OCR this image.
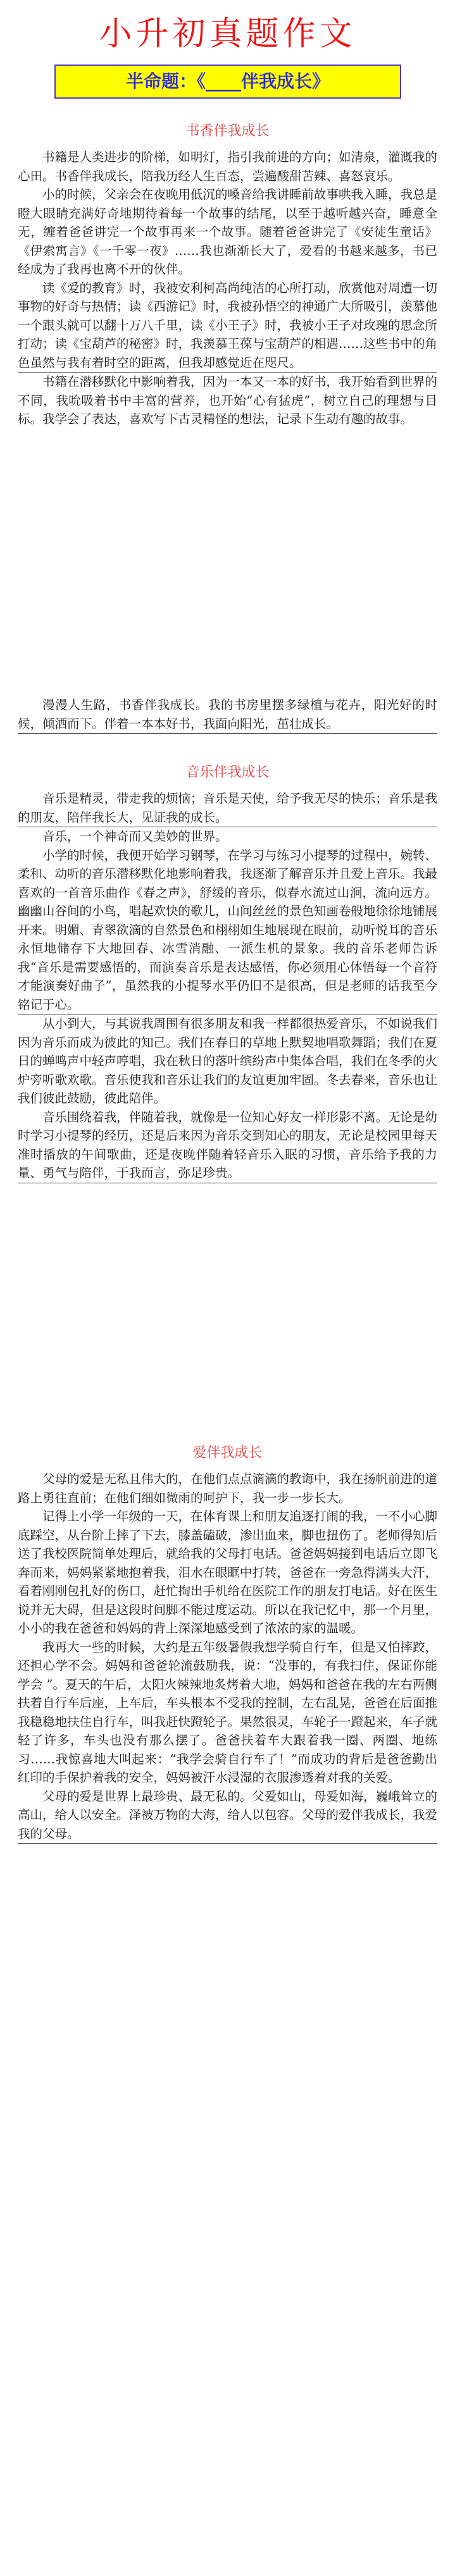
小升初真题作文
半命题：《____伴我成长》
书香伴我成长

书籍是人类进步的阶梯，如明灯，指引我前进的方向；如清泉，灌溉我的心田。书香伴我成长，陪我历经人生百态，尝遍酸甜苦辣、喜怒哀乐。

小的时候，父亲会在夜晚用低沉的嗓音给我讲睡前故事哄我入睡，我总是瞪大眼睛充满好奇地期待着每一个故事的结尾，以至于越听越兴奋，睡意全无，缠着爸爸讲完一个故事再来一个故事。随着爸爸讲完了《安徒生童话》《伊索寓言》《一千零一夜》……我也渐渐长大了，爱看的书越来越多，书已经成为了我再也离不开的伙伴。

读《爱的教育》时，我被安利柯高尚纯洁的心所打动，欣赏他对周遭一切事物的好奇与热情；读《西游记》时，我被孙悟空的神通广大所吸引，羡慕他一个跟头就可以翻十万八千里，读《小王子》时，我被小王子对玫瑰的思念所打动；读《宝葫芦的秘密》时，我羡慕王葆与宝葫芦的相遇……这些书中的角色虽然与我有着时空的距离，但我却感觉近在咫尺。

书籍在潜移默化中影响着我，因为一本又一本的好书，我开始看到世界的不同，我吮吸着书中丰富的营养，也开始“心有猛虎”，树立自己的理想与目标。我学会了表达，喜欢写下古灵精怪的想法，记录下生动有趣的故事。

漫漫人生路，书香伴我成长。我的书房里摆多绿植与花卉，阳光好的时候，倾洒而下。伴着一本本好书，我面向阳光，茁壮成长。

音乐伴我成长

音乐是精灵，带走我的烦恼；音乐是天使，给予我无尽的快乐；音乐是我的朋友，陪伴我长大，见证我的成长。

音乐，一个神奇而又美妙的世界。

小学的时候，我便开始学习钢琴，在学习与练习小提琴的过程中，婉转、柔和、动听的音乐潜移默化地影响着我，我逐渐了解音乐并且爱上音乐。我最喜欢的一首音乐曲作《春之声》，舒缓的音乐，似春水流过山涧，流向远方。幽幽山谷间的小鸟，唱起欢快的歌儿，山间丝丝的景色知画卷般地徐徐地铺展开来。明媚、青翠欲滴的自然景色和栩栩如生地展现在眼前，动听悦耳的音乐永恒地储存下大地回春、冰雪消融、一派生机的景象。我的音乐老师告诉我“音乐是需要感悟的，而演奏音乐是表达感悟，你必须用心体悟每一个音符才能演奏好曲子”，虽然我的小提琴水平仍旧不是很高，但是老师的话我至今铭记于心。

从小到大，与其说我周围有很多朋友和我一样都很热爱音乐，不如说我们因为音乐而成为彼此的知己。我们在春日的草地上默契地唱歌舞蹈；我们在夏日的蝉鸣声中轻声哼唱，我在秋日的落叶缤纷声中集体合唱，我们在冬季的火炉旁听歌欢歌。音乐使我和音乐让我们的友谊更加牢固。冬去春来，音乐也让我们彼此鼓励，彼此陪伴。

音乐围绕着我，伴随着我，就像是一位知心好友一样形影不离。无论是幼时学习小提琴的经历，还是后来因为音乐交到知心的朋友，无论是校园里每天准时播放的午间歌曲，还是夜晚伴随着轻音乐入眠的习惯，音乐给予我的力量、勇气与陪伴，于我而言，弥足珍贵。

爱伴我成长

父母的爱是无私且伟大的，在他们点点滴滴的教诲中，我在扬帆前进的道路上勇往直前；在他们细如微雨的呵护下，我一步一步长大。

记得上小学一年级的一天，在体育课上和朋友追逐打闹的我，一不小心脚底踩空，从台阶上摔了下去，膝盖磕破，渗出血来，脚也扭伤了。老师得知后送了我校医院简单处理后，就给我的父母打电话。爸爸妈妈接到电话后立即飞奔而来，妈妈紧紧地抱着我，泪水在眼眶中打转，爸爸在一旁急得满头大汗，看着刚刚包扎好的伤口，赶忙掏出手机给在医院工作的朋友打电话。好在医生说并无大碍，但是这段时间脚不能过度运动。所以在我记忆中，那一个月里，小小的我在爸爸和妈妈的背上深深地感受到了浓浓的家的温暖。

我再大一些的时候，大约是五年级暑假我想学骑自行车，但是又怕摔跤，还担心学不会。妈妈和爸爸轮流鼓励我，说：“没事的，有我扫住，保证你能学会 ”。夏天的午后，太阳火辣辣地炙烤着大地，妈妈和爸爸在我的左右两侧扶着自行车后座，上车后，车头根本不受我的控制，左右乱晃，爸爸在后面推我稳稳地扶住自行车，叫我赶快蹬轮子。果然很灵，车轮子一蹬起来，车子就轻了许多，车头也没有那么摆了。爸爸扶着车大跟着我一圈、两圈、地练习……我惊喜地大叫起来：“我学会骑自行车了！”而成功的背后是爸爸勤出红印的手保护着我的安全，妈妈被汗水浸湿的衣服渗透着对我的关爱。

父母的爱是世界上最珍贵、最无私的。父爱如山，母爱如海，巍峨耸立的高山，给人以安全。泽被万物的大海，给人以包容。父母的爱伴我成长，我爱我的父母。
